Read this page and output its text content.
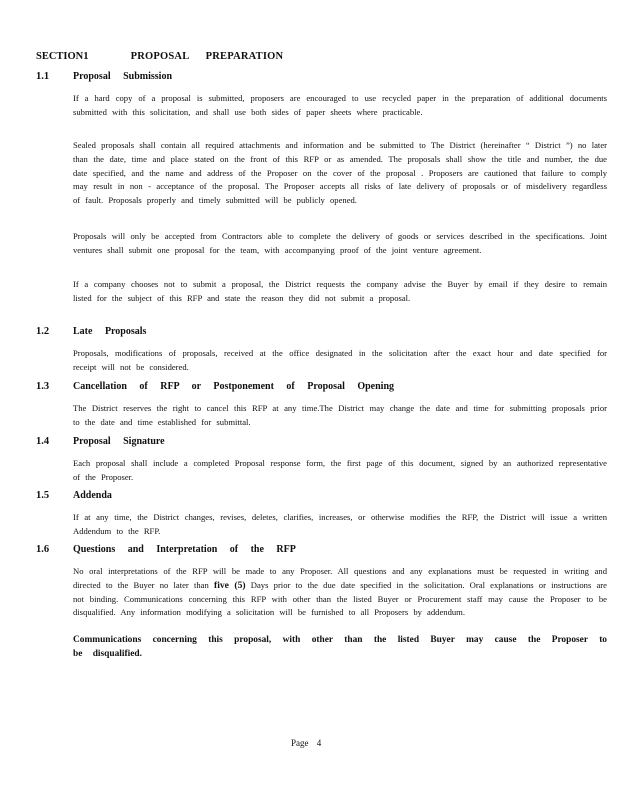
SECTION1	PROPOSAL PREPARATION
1.1 Proposal Submission
If a hard copy of a proposal is submitted, proposers are encouraged to use recycled paper in the preparation of additional documents submitted with this solicitation, and shall use both sides of paper sheets where practicable.
Sealed proposals shall contain all required attachments and information and be submitted to The District (hereinafter “ District ”) no later than the date, time and place stated on the front of this RFP or as amended. The proposals shall show the title and number, the due date specified, and the name and address of the Proposer on the cover of the proposal . Proposers are cautioned that failure to comply may result in non - acceptance of the proposal. The Proposer accepts all risks of late delivery of proposals or of misdelivery regardless of fault. Proposals properly and timely submitted will be publicly opened.
Proposals will only be accepted from Contractors able to complete the delivery of goods or services described in the specifications. Joint ventures shall submit one proposal for the team, with accompanying proof of the joint venture agreement.
If a company chooses not to submit a proposal, the District requests the company advise the Buyer by email if they desire to remain listed for the subject of this RFP and state the reason they did not submit a proposal.
1.2 Late Proposals
Proposals, modifications of proposals, received at the office designated in the solicitation after the exact hour and date specified for receipt will not be considered.
1.3 Cancellation of RFP or Postponement of Proposal Opening
The District reserves the right to cancel this RFP at any time.The District may change the date and time for submitting proposals prior to the date and time established for submittal.
1.4 Proposal Signature
Each proposal shall include a completed Proposal response form, the first page of this document, signed by an authorized representative of the Proposer.
1.5 Addenda
If at any time, the District changes, revises, deletes, clarifies, increases, or otherwise modifies the RFP, the District will issue a written Addendum to the RFP.
1.6 Questions and Interpretation of the RFP
No oral interpretations of the RFP will be made to any Proposer. All questions and any explanations must be requested in writing and directed to the Buyer no later than five (5) Days prior to the due date specified in the solicitation. Oral explanations or instructions are not binding. Communications concerning this RFP with other than the listed Buyer or Procurement staff may cause the Proposer to be disqualified. Any information modifying a solicitation will be furnished to all Proposers by addendum.
Communications concerning this proposal, with other than the listed Buyer may cause the Proposer to be disqualified.
Page 4
